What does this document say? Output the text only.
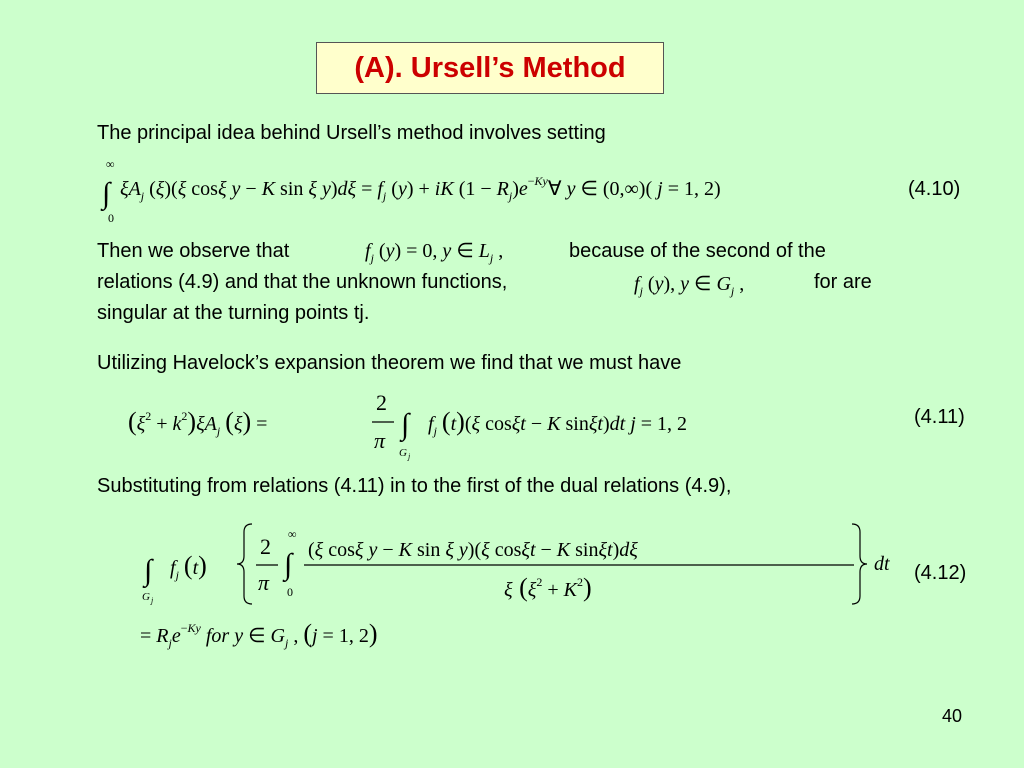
(A). Ursell’s Method
The principal idea behind Ursell’s method involves setting
∞
∫
0
$\xi A_j$ (ξ)(ξ cosξ y − K sin ξ $y)d\xi = f_j$ (y) + iK $(1 - R_j)e^-Ky\forall$ y ∈ (0,∞)( j = 1, 2)	(4.10)
Then we observe that	$f_j$ (y) = 0, y ∈ $L_j$ ,	because of the second of the
relations (4.9) and that the unknown functions,	$f_j$ (y), y ∈ $G_j$ ,	for are
singular at the turning points tj.
Utilizing Havelock’s expansion theorem we find that we must have
$(\xi^2 + k^2)\xi A_j$ (ξ) =
2
π ∫
G j
$f_j$ (t)(ξ cosξt − K sinξt)dt j = 1, 2	(4.11)
Substituting from relations (4.11) in to the first of the dual relations (4.9),
∫
G j
$f_j$ (t)
2
π
∞
∫
0
(ξ cosξ y − K sin ξ y)(ξ cosξt − K sinξt)dξ
ξ $(\xi^2 + K^2)$
dt
= $R_je^-Ky$ for y ∈ $G_j$ , (j = 1, 2)
(4.12)
40
